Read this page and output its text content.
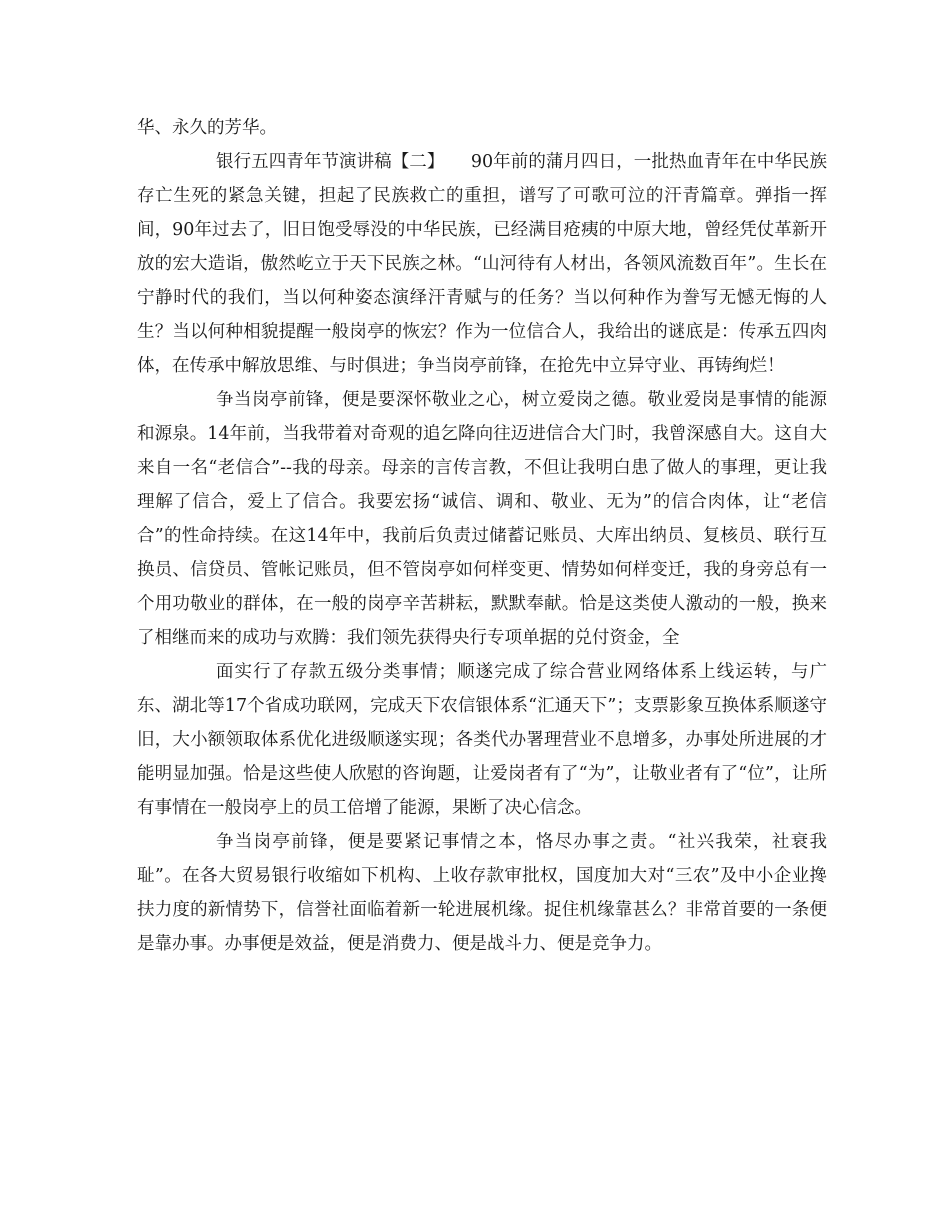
华、永久的芳华。

银行五四青年节演讲稿【二】　　90年前的蒲月四日，一批热血青年在中华民族存亡生死的紧急关键，担起了民族救亡的重担，谱写了可歌可泣的汗青篇章。弹指一挥间，90年过去了，旧日饱受辱没的中华民族，已经满目疮痍的中原大地，曾经凭仗革新开放的宏大造诣，傲然屹立于天下民族之林。“山河待有人材出，各领风流数百年”。生长在宁静时代的我们，当以何种姿态演绎汗青赋与的任务？当以何种作为誊写无憾无悔的人生？当以何种相貌提醒一般岗亭的恢宏？作为一位信合人，我给出的谜底是：传承五四肉体，在传承中解放思维、与时俱进；争当岗亭前锋，在抢先中立异守业、再铸绚烂！

争当岗亭前锋，便是要深怀敬业之心，树立爱岗之德。敬业爱岗是事情的能源和源泉。14年前，当我带着对奇观的追乞降向往迈进信合大门时，我曾深感自大。这自大来自一名“老信合”--我的母亲。母亲的言传言教，不但让我明白患了做人的事理，更让我理解了信合，爱上了信合。我要宏扬“诚信、调和、敬业、无为”的信合肉体，让“老信合”的性命持续。在这14年中，我前后负责过储蓄记账员、大库出纳员、复核员、联行互换员、信贷员、管帐记账员，但不管岗亭如何样变更、情势如何样变迁，我的身旁总有一个用功敬业的群体，在一般的岗亭辛苦耕耘，默默奉献。恰是这类使人激动的一般，换来了相继而来的成功与欢腾：我们领先获得央行专项单据的兑付资金，全

面实行了存款五级分类事情；顺遂完成了综合营业网络体系上线运转，与广东、湖北等17个省成功联网，完成天下农信银体系“汇通天下”；支票影象互换体系顺遂守旧，大小额领取体系优化进级顺遂实现；各类代办署理营业不息增多，办事处所进展的才能明显加强。恰是这些使人欣慰的咨询题，让爱岗者有了“为”，让敬业者有了“位”，让所有事情在一般岗亭上的员工倍增了能源，果断了决心信念。

争当岗亭前锋，便是要紧记事情之本，恪尽办事之责。“社兴我荣，社衰我耻”。在各大贸易银行收缩如下机构、上收存款审批权，国度加大对“三农”及中小企业搀扶力度的新情势下，信誉社面临着新一轮进展机缘。捉住机缘靠甚么？非常首要的一条便是靠办事。办事便是效益，便是消费力、便是战斗力、便是竞争力。
